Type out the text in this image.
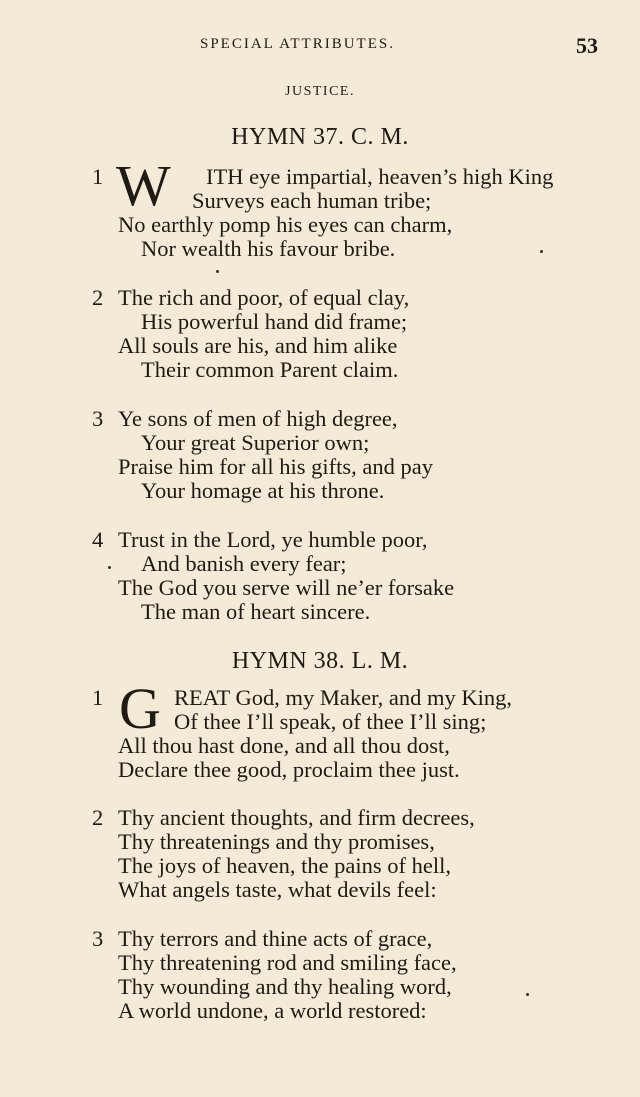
SPECIAL ATTRIBUTES.	53
JUSTICE.
HYMN 37. C. M.
1 W ITH eye impartial, heaven’s high King
Surveys each human tribe;
No earthly pomp his eyes can charm,
Nor wealth his favour bribe.
2 The rich and poor, of equal clay,
His powerful hand did frame;
All souls are his, and him alike
Their common Parent claim.
3 Ye sons of men of high degree,
Your great Superior own;
Praise him for all his gifts, and pay
Your homage at his throne.
4 Trust in the Lord, ye humble poor,
And banish every fear;
The God you serve will ne’er forsake
The man of heart sincere.
HYMN 38. L. M.
1 G REAT God, my Maker, and my King,
Of thee I’ll speak, of thee I’ll sing;
All thou hast done, and all thou dost,
Declare thee good, proclaim thee just.
2 Thy ancient thoughts, and firm decrees,
Thy threatenings and thy promises,
The joys of heaven, the pains of hell,
What angels taste, what devils feel:
3 Thy terrors and thine acts of grace,
Thy threatening rod and smiling face,
Thy wounding and thy healing word,
A world undone, a world restored:
